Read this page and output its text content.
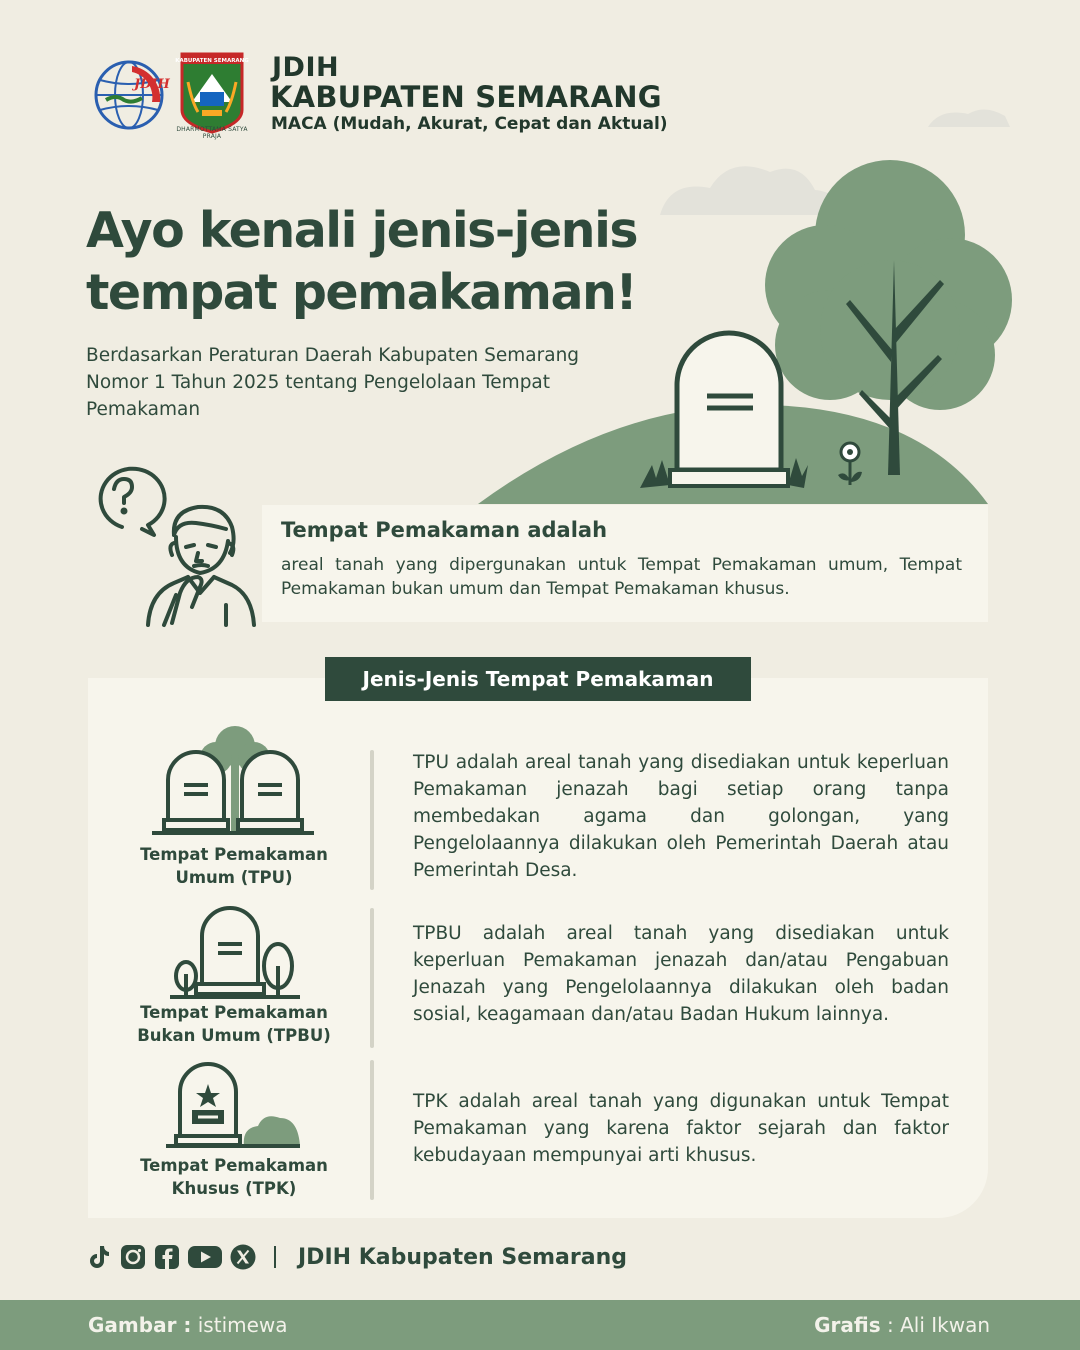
JDIH
KABUPATEN SEMARANG
DHARMOTTAMA SATYA PRAJA
JDIH
KABUPATEN SEMARANG
MACA (Mudah, Akurat, Cepat dan Aktual)
Ayo kenali jenis-jenis tempat pemakaman!
Berdasarkan Peraturan Daerah Kabupaten Semarang Nomor 1 Tahun 2025 tentang Pengelolaan Tempat Pemakaman
Tempat Pemakaman adalah
areal tanah yang dipergunakan untuk Tempat Pemakaman umum, Tempat Pemakaman bukan umum dan Tempat Pemakaman khusus.
Jenis-Jenis Tempat Pemakaman
Tempat Pemakaman
Umum (TPU)
TPU adalah areal tanah yang disediakan untuk keperluan Pemakaman jenazah bagi setiap orang tanpa membedakan agama dan golongan, yang Pengelolaannya dilakukan oleh Pemerintah Daerah atau Pemerintah Desa.
Tempat Pemakaman
Bukan Umum (TPBU)
TPBU adalah areal tanah yang disediakan untuk keperluan Pemakaman jenazah dan/atau Pengabuan Jenazah yang Pengelolaannya dilakukan oleh badan sosial, keagamaan dan/atau Badan Hukum lainnya.
Tempat Pemakaman
Khusus (TPK)
TPK adalah areal tanah yang digunakan untuk Tempat Pemakaman yang karena faktor sejarah dan faktor kebudayaan mempunyai arti khusus.
JDIH Kabupaten Semarang
Gambar : istimewa	Grafis : Ali Ikwan
